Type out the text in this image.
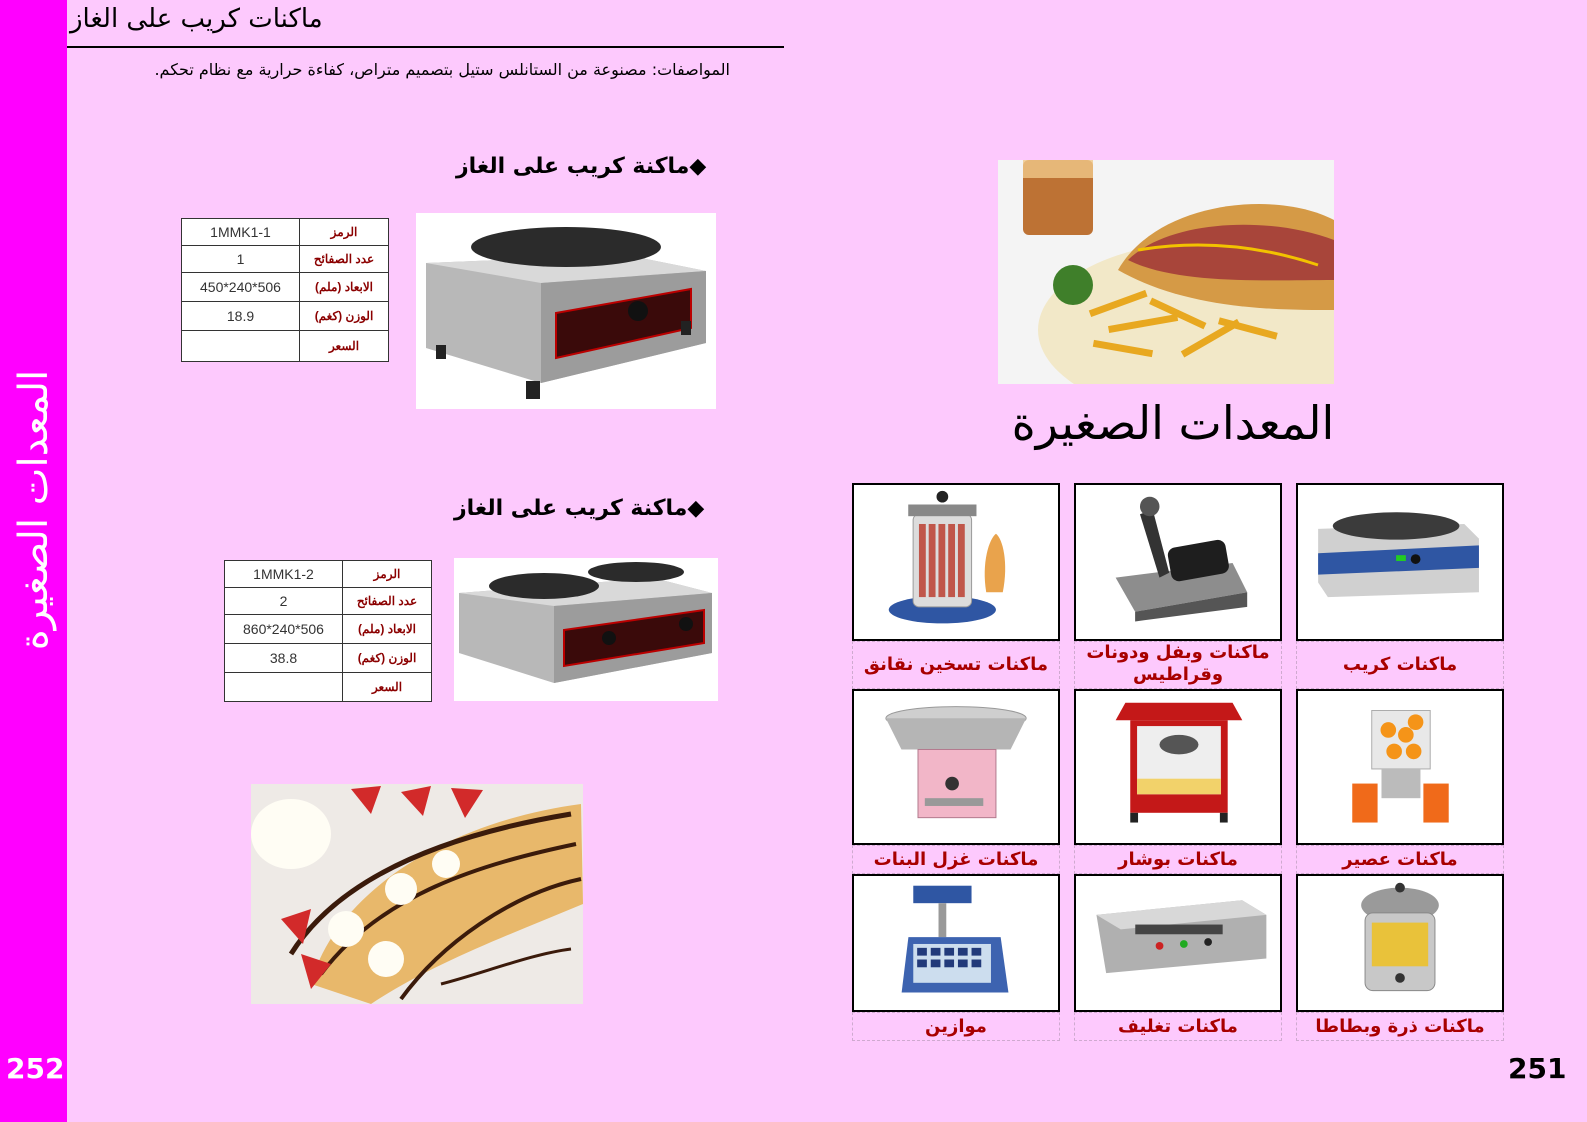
المعدات الصغيرة
252
ماكنات كريب على الغاز
المواصفات: مصنوعة من الستانلس ستيل بتصميم متراص، كفاءة حرارية مع نظام تحكم.
◆ماكنة كريب على الغاز
1MMK1-1	الرمز
1	عدد الصفائح
450*240*506	الابعاد (ملم)
18.9	الوزن (كغم)
	السعر
◆ماكنة كريب على الغاز
1MMK1-2	الرمز
2	عدد الصفائح
860*240*506	الابعاد (ملم)
38.8	الوزن (كغم)
	السعر
المعدات الصغيرة
ماكنات تسخين نقانق
ماكنات وبفل ودونات وقراطيس	ماكنات كريب
ماكنات غزل البنات	ماكنات بوشار	ماكنات عصير
موازين	ماكنات تغليف	ماكنات ذرة وبطاطا
251
